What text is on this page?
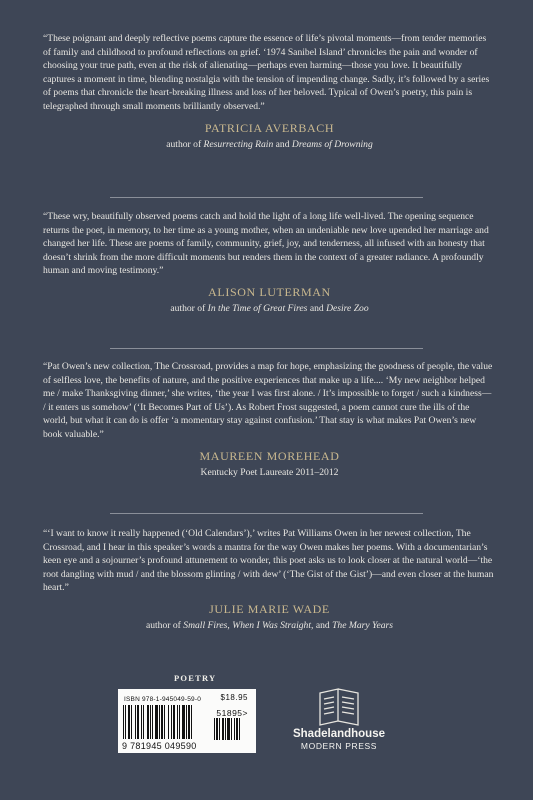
“These poignant and deeply reflective poems capture the essence of life’s pivotal moments—from tender memories of family and childhood to profound reflections on grief. ‘1974 Sanibel Island’ chronicles the pain and wonder of choosing your true path, even at the risk of alienating—perhaps even harming—those you love. It beautifully captures a moment in time, blending nostalgia with the tension of impending change. Sadly, it’s followed by a series of poems that chronicle the heart-breaking illness and loss of her beloved. Typical of Owen’s poetry, this pain is telegraphed through small moments brilliantly observed.”

PATRICIA AVERBACH
author of Resurrecting Rain and Dreams of Drowning

“These wry, beautifully observed poems catch and hold the light of a long life well-lived. The opening sequence returns the poet, in memory, to her time as a young mother, when an undeniable new love upended her marriage and changed her life. These are poems of family, community, grief, joy, and tenderness, all infused with an honesty that doesn’t shrink from the more difficult moments but renders them in the context of a greater radiance. A profoundly human and moving testimony.”

ALISON LUTERMAN
author of In the Time of Great Fires and Desire Zoo

“Pat Owen’s new collection, The Crossroad, provides a map for hope, emphasizing the goodness of people, the value of selfless love, the benefits of nature, and the positive experiences that make up a life.... ‘My new neighbor helped me / make Thanksgiving dinner,’ she writes, ‘the year I was first alone. / It’s impossible to forget / such a kindness— / it enters us somehow’ (‘It Becomes Part of Us’). As Robert Frost suggested, a poem cannot cure the ills of the world, but what it can do is offer ‘a momentary stay against confusion.’ That stay is what makes Pat Owen’s new book valuable.”

MAUREEN MOREHEAD
Kentucky Poet Laureate 2011–2012

“‘I want to know it really happened (‘Old Calendars’),’ writes Pat Williams Owen in her newest collection, The Crossroad, and I hear in this speaker’s words a mantra for the way Owen makes her poems. With a documentarian’s keen eye and a sojourner’s profound attunement to wonder, this poet asks us to look closer at the natural world—‘the root dangling with mud / and the blossom glinting / with dew’ (‘The Gist of the Gist’)—and even closer at the human heart.”

JULIE MARIE WADE
author of Small Fires, When I Was Straight, and The Mary Years
POETRY
ISBN 978-1-945049-59-0 $18.95
51895>
9 781945 049590
Shadelandhouse
MODERN PRESS
